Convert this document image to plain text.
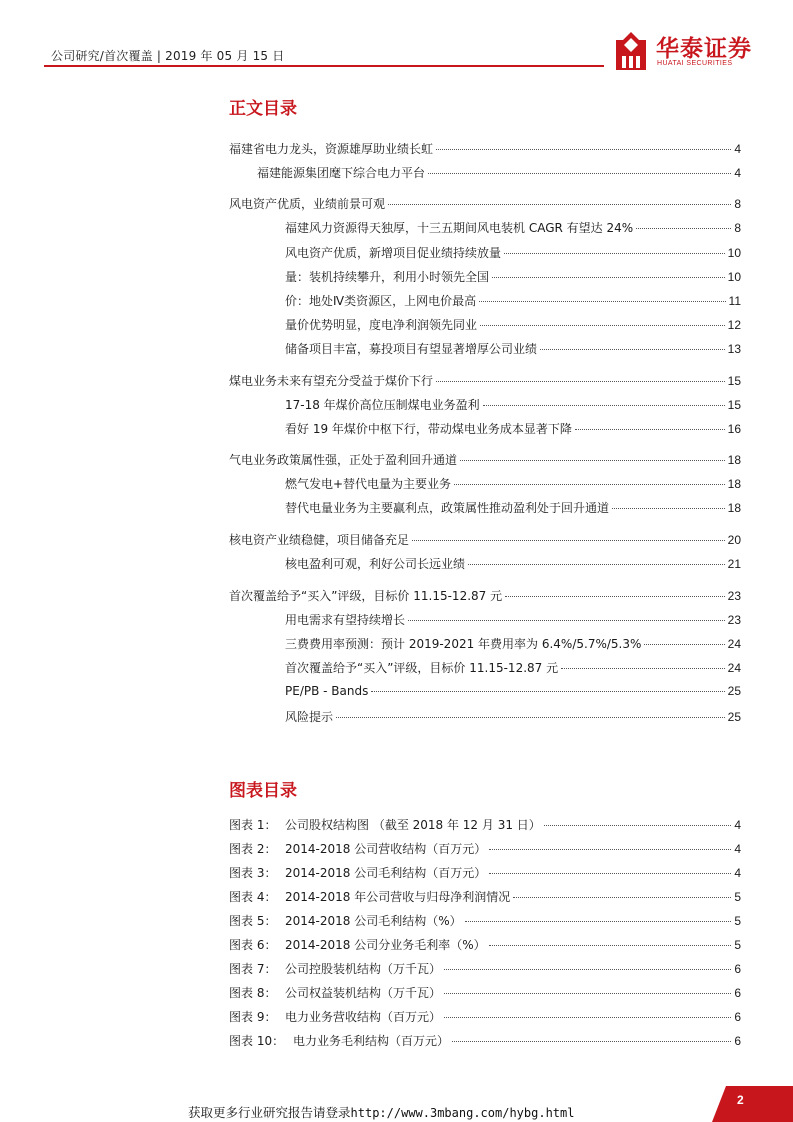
公司研究/首次覆盖 | 2019 年 05 月 15 日	华泰证券
HUATAI SECURITIES
正文目录
福建省电力龙头，资源雄厚助业绩长虹	4
福建能源集团麾下综合电力平台	4
风电资产优质，业绩前景可观	8
福建风力资源得天独厚，十三五期间风电装机 CAGR 有望达 24%	8
风电资产优质，新增项目促业绩持续放量	10
量：装机持续攀升，利用小时领先全国	10
价：地处Ⅳ类资源区，上网电价最高	11
量价优势明显，度电净利润领先同业	12
储备项目丰富，募投项目有望显著增厚公司业绩	13
煤电业务未来有望充分受益于煤价下行	15
17-18 年煤价高位压制煤电业务盈利	15
看好 19 年煤价中枢下行，带动煤电业务成本显著下降	16
气电业务政策属性强，正处于盈利回升通道	18
燃气发电+替代电量为主要业务	18
替代电量业务为主要赢利点，政策属性推动盈利处于回升通道	18
核电资产业绩稳健，项目储备充足	20
核电盈利可观，利好公司长远业绩	21
首次覆盖给予“买入”评级，目标价 11.15-12.87 元	23
用电需求有望持续增长	23
三费费用率预测：预计 2019-2021 年费用率为 6.4%/5.7%/5.3%	24
首次覆盖给予“买入”评级，目标价 11.15-12.87 元	24
PE/PB - Bands	25
风险提示	25
图表目录
图表 1： 公司股权结构图 （截至 2018 年 12 月 31 日）	4
图表 2： 2014-2018 公司营收结构（百万元）	4
图表 3： 2014-2018 公司毛利结构（百万元）	4
图表 4： 2014-2018 年公司营收与归母净利润情况	5
图表 5： 2014-2018 公司毛利结构（%）	5
图表 6： 2014-2018 公司分业务毛利率（%）	5
图表 7： 公司控股装机结构（万千瓦）	6
图表 8： 公司权益装机结构（万千瓦）	6
图表 9： 电力业务营收结构（百万元）	6
图表 10： 电力业务毛利结构（百万元）	6
获取更多行业研究报告请登录http://www.3mbang.com/hybg.html
2
